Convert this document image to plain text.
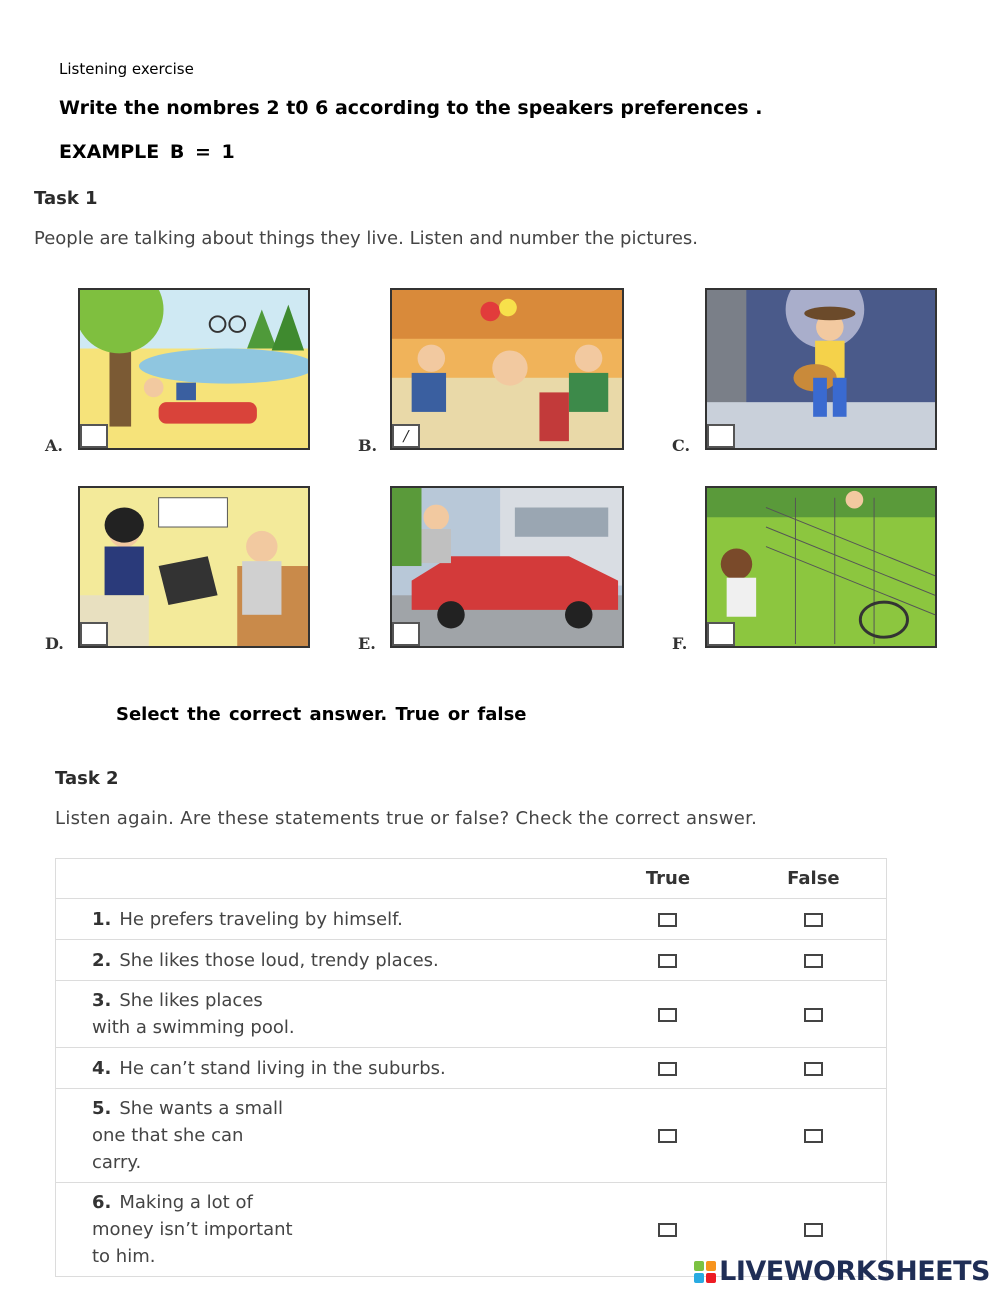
Listening exercise
Write the nombres 2 t0 6 according to the speakers preferences .
EXAMPLE B = 1
Task 1
People are talking about things they live. Listen and number the pictures.
A.	B.	/	C.
D.	E.	F.
Select the correct answer. True or false
Task 2
Listen again. Are these statements true or false? Check the correct answer.
	True	False
1. He prefers traveling by himself.		
2. She likes those loud, trendy places.		
3. She likes places with a swimming pool.		
4. He can’t stand living in the suburbs.		
5. She wants a small one that she can carry.		
6. Making a lot of money isn’t important to him.			LIVEWORKSHEETS
